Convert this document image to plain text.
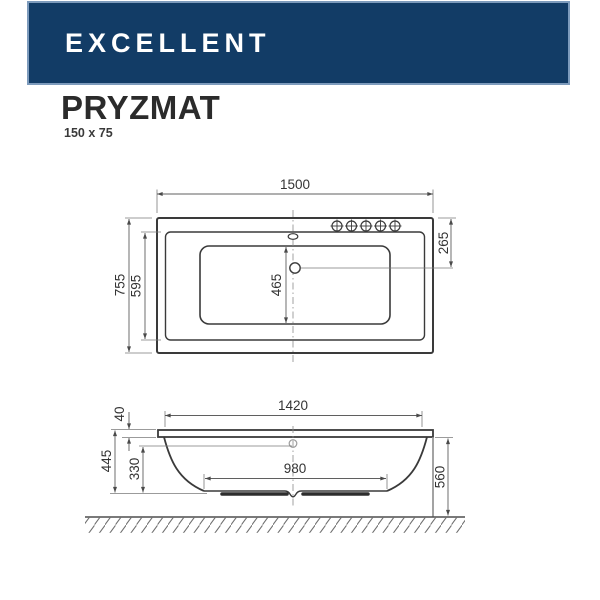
EXCELLENT
PRYZMAT
150 x 75
1500
755 595	465
265
1420
40
445 330	980	560
